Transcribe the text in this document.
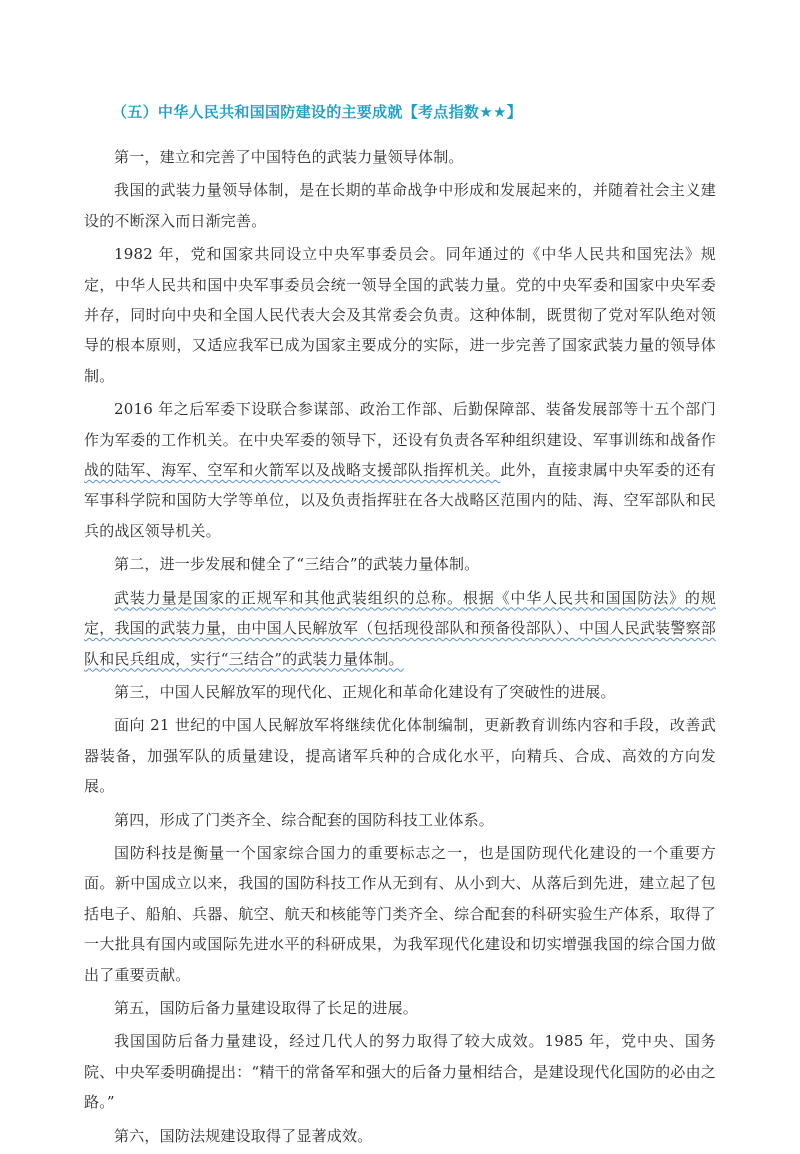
（五）中华人民共和国国防建设的主要成就【考点指数★★】

第一，建立和完善了中国特色的武装力量领导体制。

我国的武装力量领导体制，是在长期的革命战争中形成和发展起来的，并随着社会主义建设的不断深入而日渐完善。

1982 年，党和国家共同设立中央军事委员会。同年通过的《中华人民共和国宪法》规定，中华人民共和国中央军事委员会统一领导全国的武装力量。党的中央军委和国家中央军委并存，同时向中央和全国人民代表大会及其常委会负责。这种体制，既贯彻了党对军队绝对领导的根本原则，又适应我军已成为国家主要成分的实际，进一步完善了国家武装力量的领导体制。

2016 年之后军委下设联合参谋部、政治工作部、后勤保障部、装备发展部等十五个部门作为军委的工作机关。在中央军委的领导下，还设有负责各军种组织建设、军事训练和战备作战的陆军、海军、空军和火箭军以及战略支援部队指挥机关。此外，直接隶属中央军委的还有军事科学院和国防大学等单位，以及负责指挥驻在各大战略区范围内的陆、海、空军部队和民兵的战区领导机关。

第二，进一步发展和健全了“三结合”的武装力量体制。

武装力量是国家的正规军和其他武装组织的总称。根据《中华人民共和国国防法》的规定，我国的武装力量，由中国人民解放军（包括现役部队和预备役部队）、中国人民武装警察部队和民兵组成，实行“三结合”的武装力量体制。

第三，中国人民解放军的现代化、正规化和革命化建设有了突破性的进展。

面向 21 世纪的中国人民解放军将继续优化体制编制，更新教育训练内容和手段，改善武器装备，加强军队的质量建设，提高诸军兵种的合成化水平，向精兵、合成、高效的方向发展。

第四，形成了门类齐全、综合配套的国防科技工业体系。

国防科技是衡量一个国家综合国力的重要标志之一，也是国防现代化建设的一个重要方面。新中国成立以来，我国的国防科技工作从无到有、从小到大、从落后到先进，建立起了包括电子、船舶、兵器、航空、航天和核能等门类齐全、综合配套的科研实验生产体系，取得了一大批具有国内或国际先进水平的科研成果，为我军现代化建设和切实增强我国的综合国力做出了重要贡献。

第五，国防后备力量建设取得了长足的进展。

我国国防后备力量建设，经过几代人的努力取得了较大成效。1985 年，党中央、国务院、中央军委明确提出：“精干的常备军和强大的后备力量相结合，是建设现代化国防的必由之路。”

第六，国防法规建设取得了显著成效。
